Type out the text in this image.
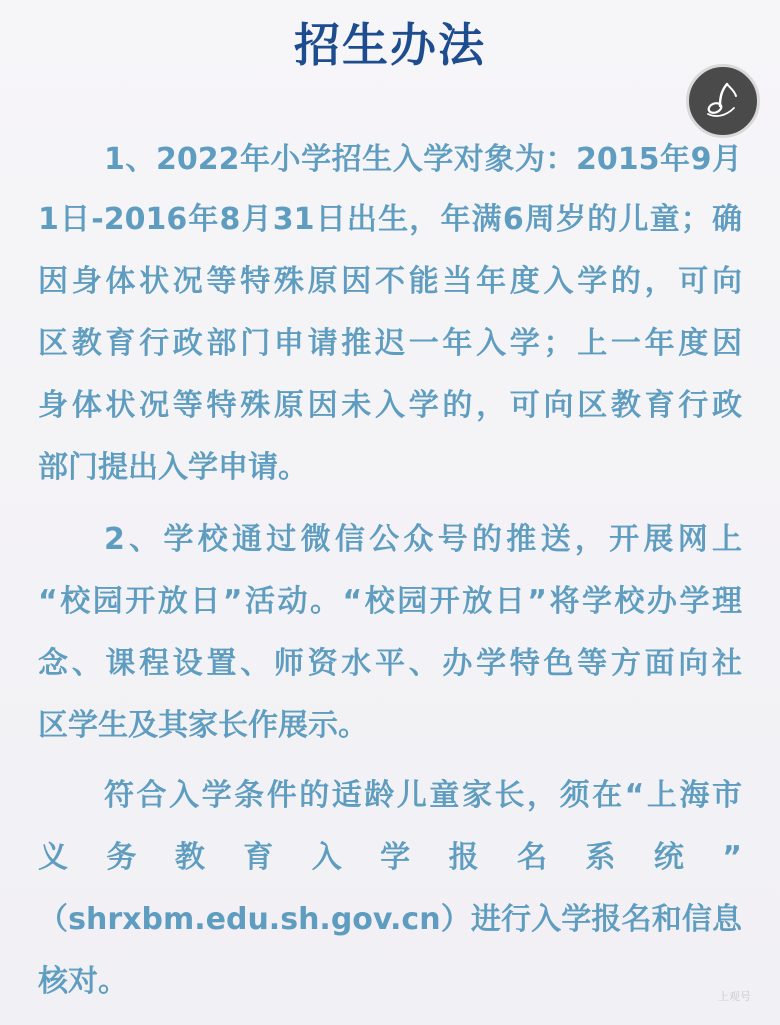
招生办法
1、2022年小学招生入学对象为：2015年9月
1日-2016年8月31日出生，年满6周岁的儿童；确
因身体状况等特殊原因不能当年度入学的，可向
区教育行政部门申请推迟一年入学；上一年度因
身体状况等特殊原因未入学的，可向区教育行政
部门提出入学申请。
2、学校通过微信公众号的推送，开展网上
“校园开放日”活动。“校园开放日”将学校办学理
念、课程设置、师资水平、办学特色等方面向社
区学生及其家长作展示。
符合入学条件的适龄儿童家长，须在“上海市
义务教育入学报名系统”
（shrxbm.edu.sh.gov.cn）进行入学报名和信息
核对。	上观号
